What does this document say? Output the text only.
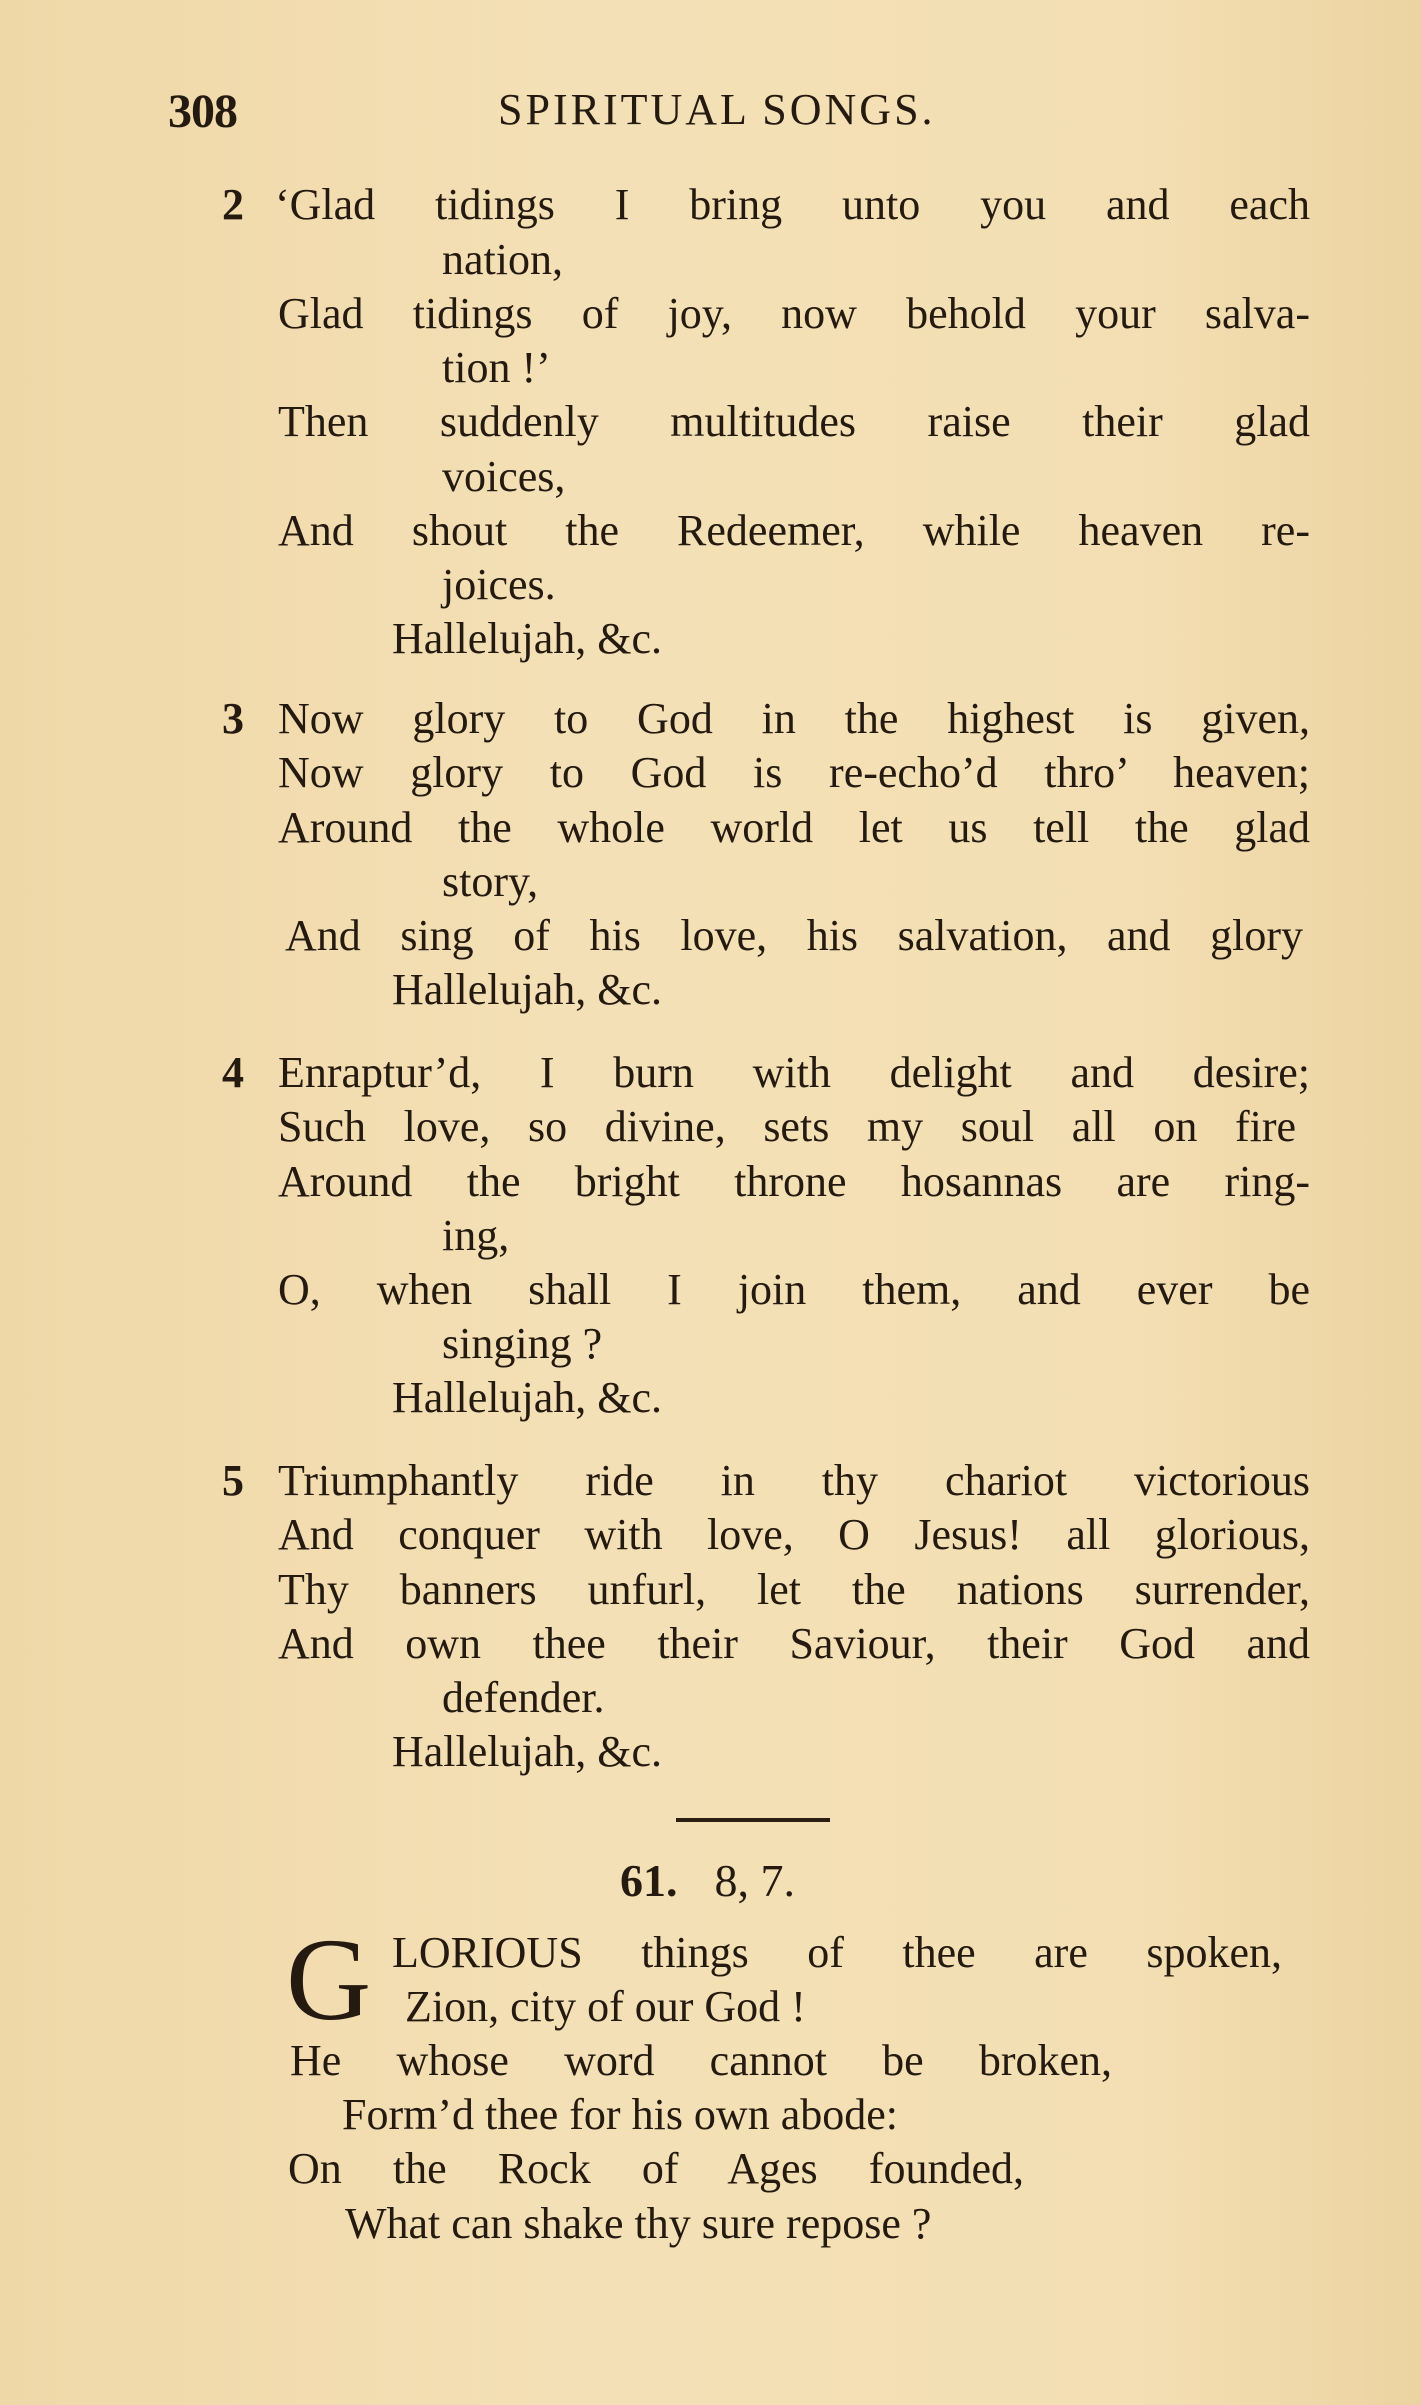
308	SPIRITUAL SONGS.
2 ‘Glad tidings I bring unto you and each
nation,
Glad tidings of joy, now behold your salva-
tion !’
Then suddenly multitudes raise their glad
voices,
And shout the Redeemer, while heaven re-
joices.
Hallelujah, &c.
3 Now glory to God in the highest is given,
Now glory to God is re-echo’d thro’ heaven;
Around the whole world let us tell the glad
story,
And sing of his love, his salvation, and glory
Hallelujah, &c.
4 Enraptur’d, I burn with delight and desire;
Such love, so divine, sets my soul all on fire
Around the bright throne hosannas are ring-
ing,
O, when shall I join them, and ever be
singing ?
Hallelujah, &c.
5 Triumphantly ride in thy chariot victorious
And conquer with love, O Jesus! all glorious,
Thy banners unfurl, let the nations surrender,
And own thee their Saviour, their God and
defender.
Hallelujah, &c.
61. 8, 7.
G LORIOUS things of thee are spoken,
Zion, city of our God !
He whose word cannot be broken,
Form’d thee for his own abode:
On the Rock of Ages founded,
What can shake thy sure repose ?
